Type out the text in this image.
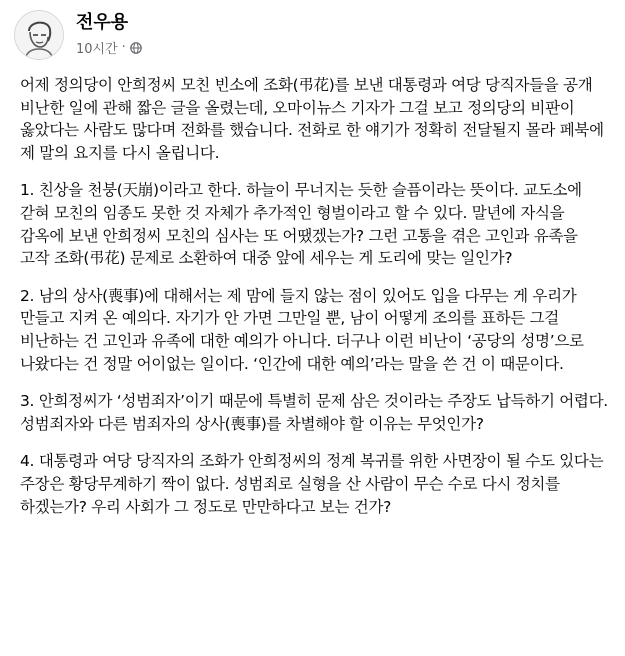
전우용
10시간 ·

어제 정의당이 안희정씨 모친 빈소에 조화(弔花)를 보낸 대통령과 여당 당직자들을 공개 비난한 일에 관해 짧은 글을 올렸는데, 오마이뉴스 기자가 그걸 보고 정의당의 비판이 옳았다는 사람도 많다며 전화를 했습니다. 전화로 한 얘기가 정확히 전달될지 몰라 페북에 제 말의 요지를 다시 올립니다.

1. 친상을 천붕(天崩)이라고 한다. 하늘이 무너지는 듯한 슬픔이라는 뜻이다. 교도소에 갇혀 모친의 임종도 못한 것 자체가 추가적인 형벌이라고 할 수 있다. 말년에 자식을 감옥에 보낸 안희정씨 모친의 심사는 또 어땠겠는가? 그런 고통을 겪은 고인과 유족을 고작 조화(弔花) 문제로 소환하여 대중 앞에 세우는 게 도리에 맞는 일인가?

2. 남의 상사(喪事)에 대해서는 제 맘에 들지 않는 점이 있어도 입을 다무는 게 우리가 만들고 지켜 온 예의다. 자기가 안 가면 그만일 뿐, 남이 어떻게 조의를 표하든 그걸 비난하는 건 고인과 유족에 대한 예의가 아니다. 더구나 이런 비난이 ‘공당의 성명’으로 나왔다는 건 정말 어이없는 일이다. ‘인간에 대한 예의’라는 말을 쓴 건 이 때문이다.

3. 안희정씨가 ‘성범죄자’이기 때문에 특별히 문제 삼은 것이라는 주장도 납득하기 어렵다. 성범죄자와 다른 범죄자의 상사(喪事)를 차별해야 할 이유는 무엇인가?

4. 대통령과 여당 당직자의 조화가 안희정씨의 정계 복귀를 위한 사면장이 될 수도 있다는 주장은 황당무계하기 짝이 없다. 성범죄로 실형을 산 사람이 무슨 수로 다시 정치를 하겠는가? 우리 사회가 그 정도로 만만하다고 보는 건가?
